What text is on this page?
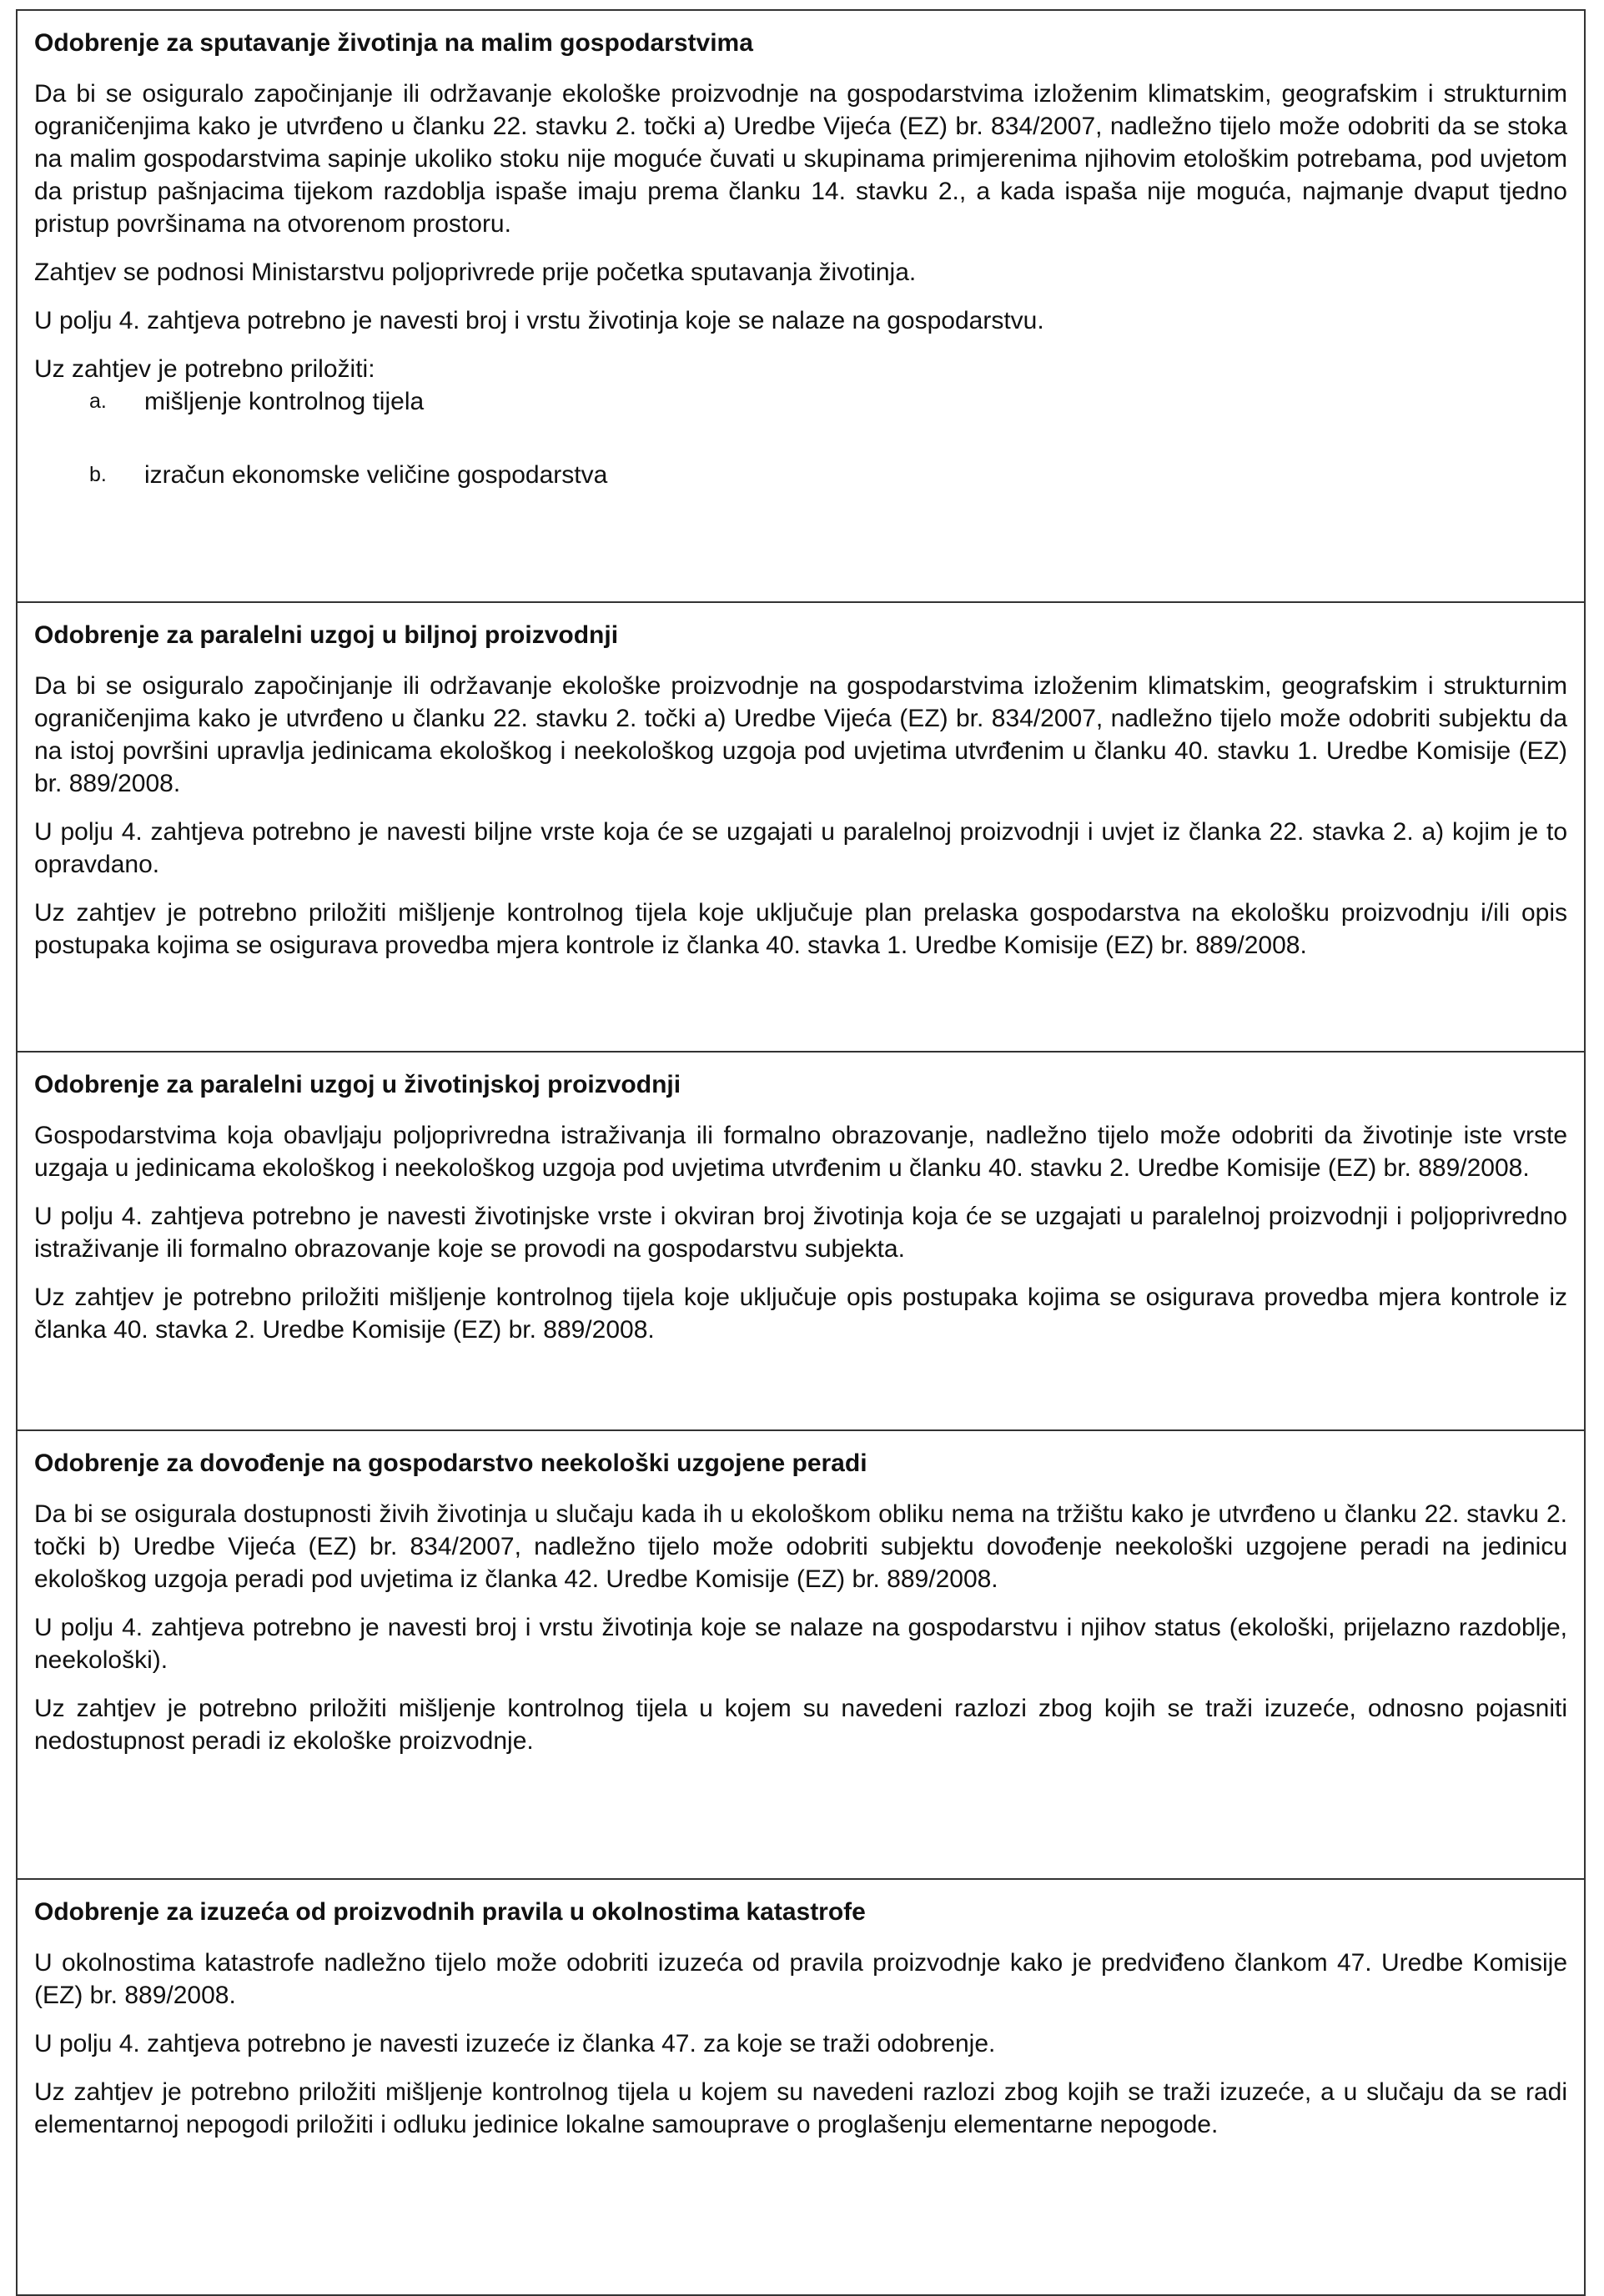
Odobrenje za sputavanje životinja na malim gospodarstvima

Da bi se osiguralo započinjanje ili održavanje ekološke proizvodnje na gospodarstvima izloženim klimatskim, geografskim i strukturnim ograničenjima kako je utvrđeno u članku 22. stavku 2. točki a) Uredbe Vijeća (EZ) br. 834/2007, nadležno tijelo može odobriti da se stoka na malim gospodarstvima sapinje ukoliko stoku nije moguće čuvati u skupinama primjerenima njihovim etološkim potrebama, pod uvjetom da pristup pašnjacima tijekom razdoblja ispaše imaju prema članku 14. stavku 2., a kada ispaša nije moguća, najmanje dvaput tjedno pristup površinama na otvorenom prostoru.

Zahtjev se podnosi Ministarstvu poljoprivrede prije početka sputavanja životinja.

U polju 4. zahtjeva potrebno je navesti broj i vrstu životinja koje se nalaze na gospodarstvu.

Uz zahtjev je potrebno priložiti:

a.	mišljenje kontrolnog tijela
b.	izračun ekonomske veličine gospodarstva

Odobrenje za paralelni uzgoj u biljnoj proizvodnji

Da bi se osiguralo započinjanje ili održavanje ekološke proizvodnje na gospodarstvima izloženim klimatskim, geografskim i strukturnim ograničenjima kako je utvrđeno u članku 22. stavku 2. točki a) Uredbe Vijeća (EZ) br. 834/2007, nadležno tijelo može odobriti subjektu da na istoj površini upravlja jedinicama ekološkog i neekološkog uzgoja pod uvjetima utvrđenim u članku 40. stavku 1. Uredbe Komisije (EZ) br. 889/2008.

U polju 4. zahtjeva potrebno je navesti biljne vrste koja će se uzgajati u paralelnoj proizvodnji i uvjet iz članka 22. stavka 2. a) kojim je to opravdano.

Uz zahtjev je potrebno priložiti mišljenje kontrolnog tijela koje uključuje plan prelaska gospodarstva na ekološku proizvodnju i/ili opis postupaka kojima se osigurava provedba mjera kontrole iz članka 40. stavka 1. Uredbe Komisije (EZ) br. 889/2008.

Odobrenje za paralelni uzgoj u životinjskoj proizvodnji

Gospodarstvima koja obavljaju poljoprivredna istraživanja ili formalno obrazovanje, nadležno tijelo može odobriti da životinje iste vrste uzgaja u jedinicama ekološkog i neekološkog uzgoja pod uvjetima utvrđenim u članku 40. stavku 2. Uredbe Komisije (EZ) br. 889/2008.

U polju 4. zahtjeva potrebno je navesti životinjske vrste i okviran broj životinja koja će se uzgajati u paralelnoj proizvodnji i poljoprivredno istraživanje ili formalno obrazovanje koje se provodi na gospodarstvu subjekta.

Uz zahtjev je potrebno priložiti mišljenje kontrolnog tijela koje uključuje opis postupaka kojima se osigurava provedba mjera kontrole iz članka 40. stavka 2. Uredbe Komisije (EZ) br. 889/2008.

Odobrenje za dovođenje na gospodarstvo neekološki uzgojene peradi

Da bi se osigurala dostupnosti živih životinja u slučaju kada ih u ekološkom obliku nema na tržištu kako je utvrđeno u članku 22. stavku 2. točki b) Uredbe Vijeća (EZ) br. 834/2007, nadležno tijelo može odobriti subjektu dovođenje neekološki uzgojene peradi na jedinicu ekološkog uzgoja peradi pod uvjetima iz članka 42. Uredbe Komisije (EZ) br. 889/2008.

U polju 4. zahtjeva potrebno je navesti broj i vrstu životinja koje se nalaze na gospodarstvu i njihov status (ekološki, prijelazno razdoblje, neekološki).

Uz zahtjev je potrebno priložiti mišljenje kontrolnog tijela u kojem su navedeni razlozi zbog kojih se traži izuzeće, odnosno pojasniti nedostupnost peradi iz ekološke proizvodnje.

Odobrenje za izuzeća od proizvodnih pravila u okolnostima katastrofe

U okolnostima katastrofe nadležno tijelo može odobriti izuzeća od pravila proizvodnje kako je predviđeno člankom 47. Uredbe Komisije (EZ) br. 889/2008.

U polju 4. zahtjeva potrebno je navesti izuzeće iz članka 47. za koje se traži odobrenje.

Uz zahtjev je potrebno priložiti mišljenje kontrolnog tijela u kojem su navedeni razlozi zbog kojih se traži izuzeće, a u slučaju da se radi elementarnoj nepogodi priložiti i odluku jedinice lokalne samouprave o proglašenju elementarne nepogode.
